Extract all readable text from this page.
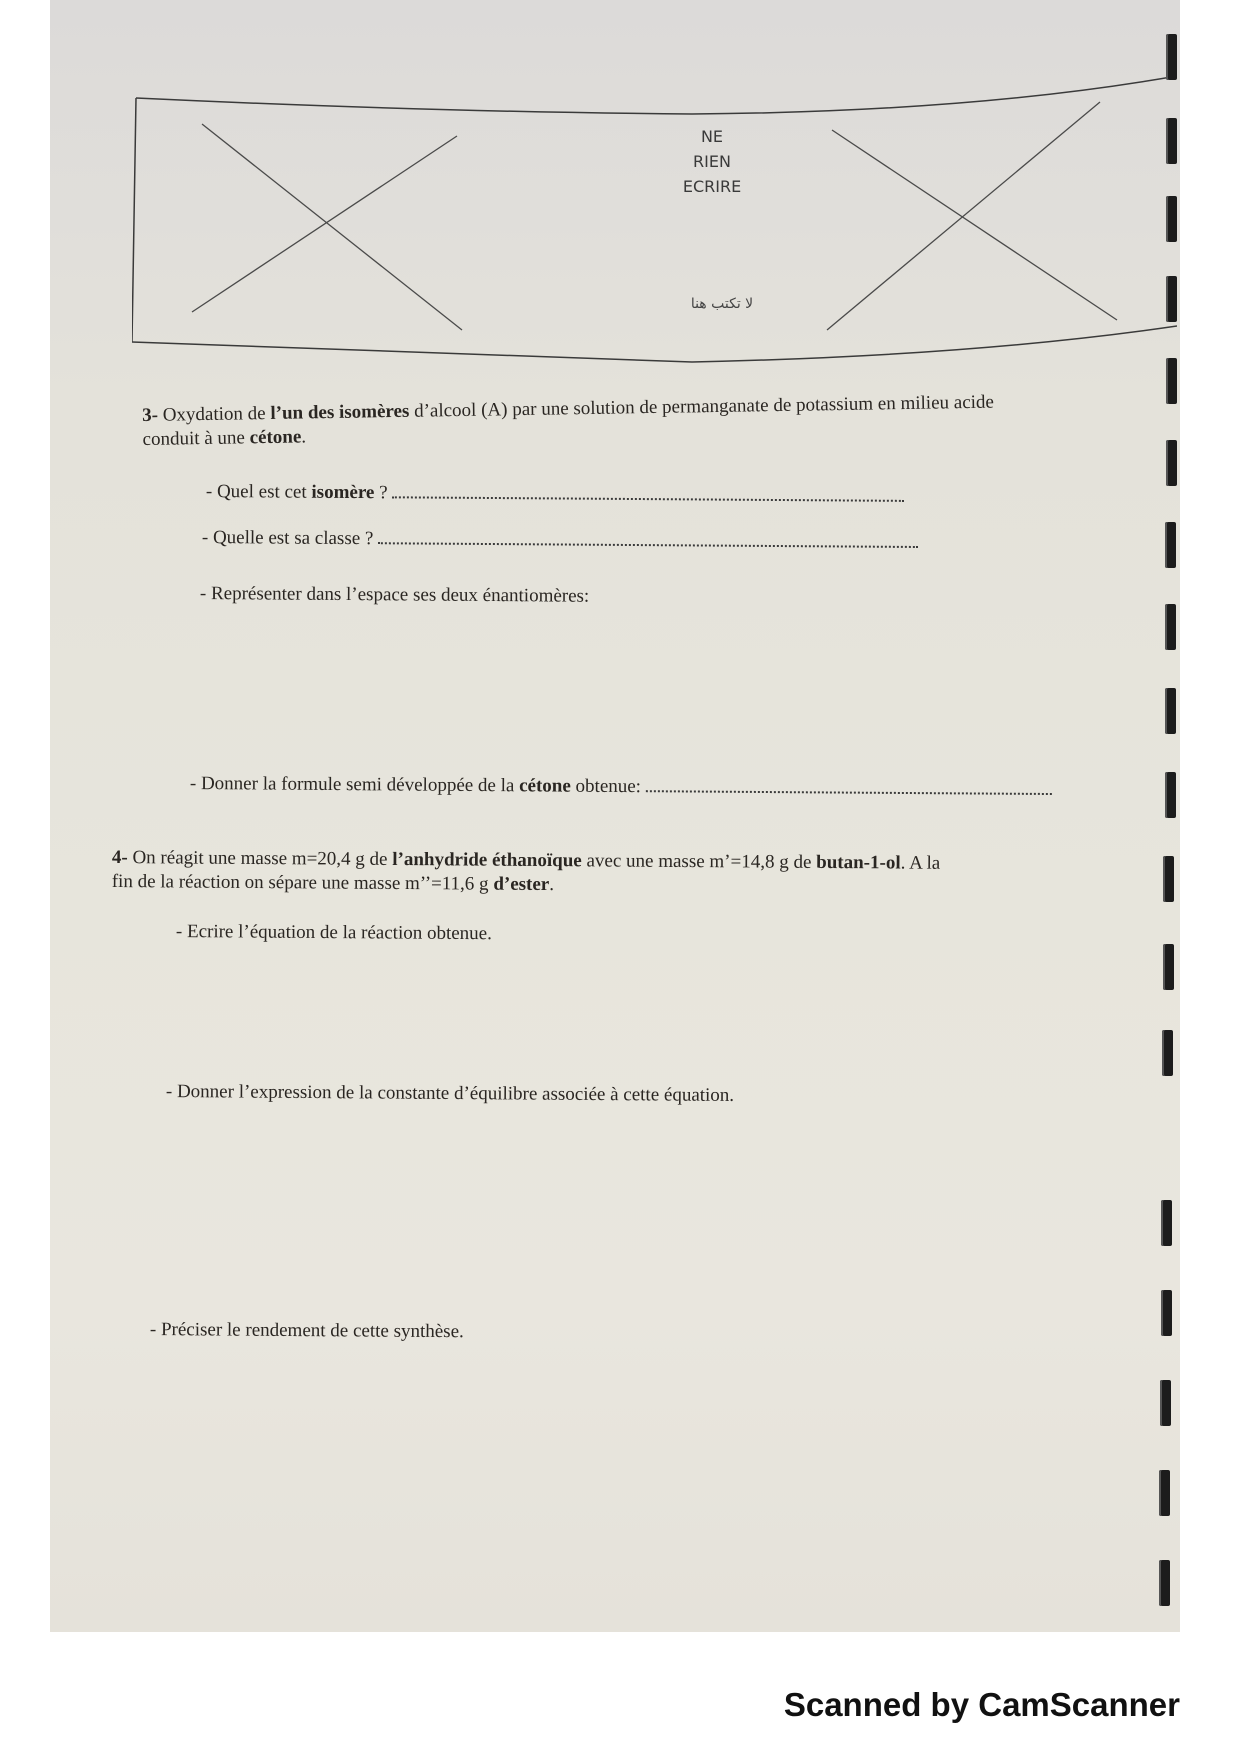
NE
RIEN
ECRIRE
لا تكتب هنا
3- Oxydation de l’un des isomères d’alcool (A) par une solution de permanganate de potassium en milieu acide
conduit à une cétone.
- Quel est cet isomère ?
- Quelle est sa classe ?
- Représenter dans l’espace ses deux énantiomères:
- Donner la formule semi développée de la cétone obtenue:
4- On réagit une masse m=20,4 g de l’anhydride éthanoïque avec une masse m’=14,8 g de butan-1-ol. A la
fin de la réaction on sépare une masse m’’=11,6 g d’ester.
- Ecrire l’équation de la réaction obtenue.
- Donner l’expression de la constante d’équilibre associée à cette équation.
- Préciser le rendement de cette synthèse.
Scanned by CamScanner
